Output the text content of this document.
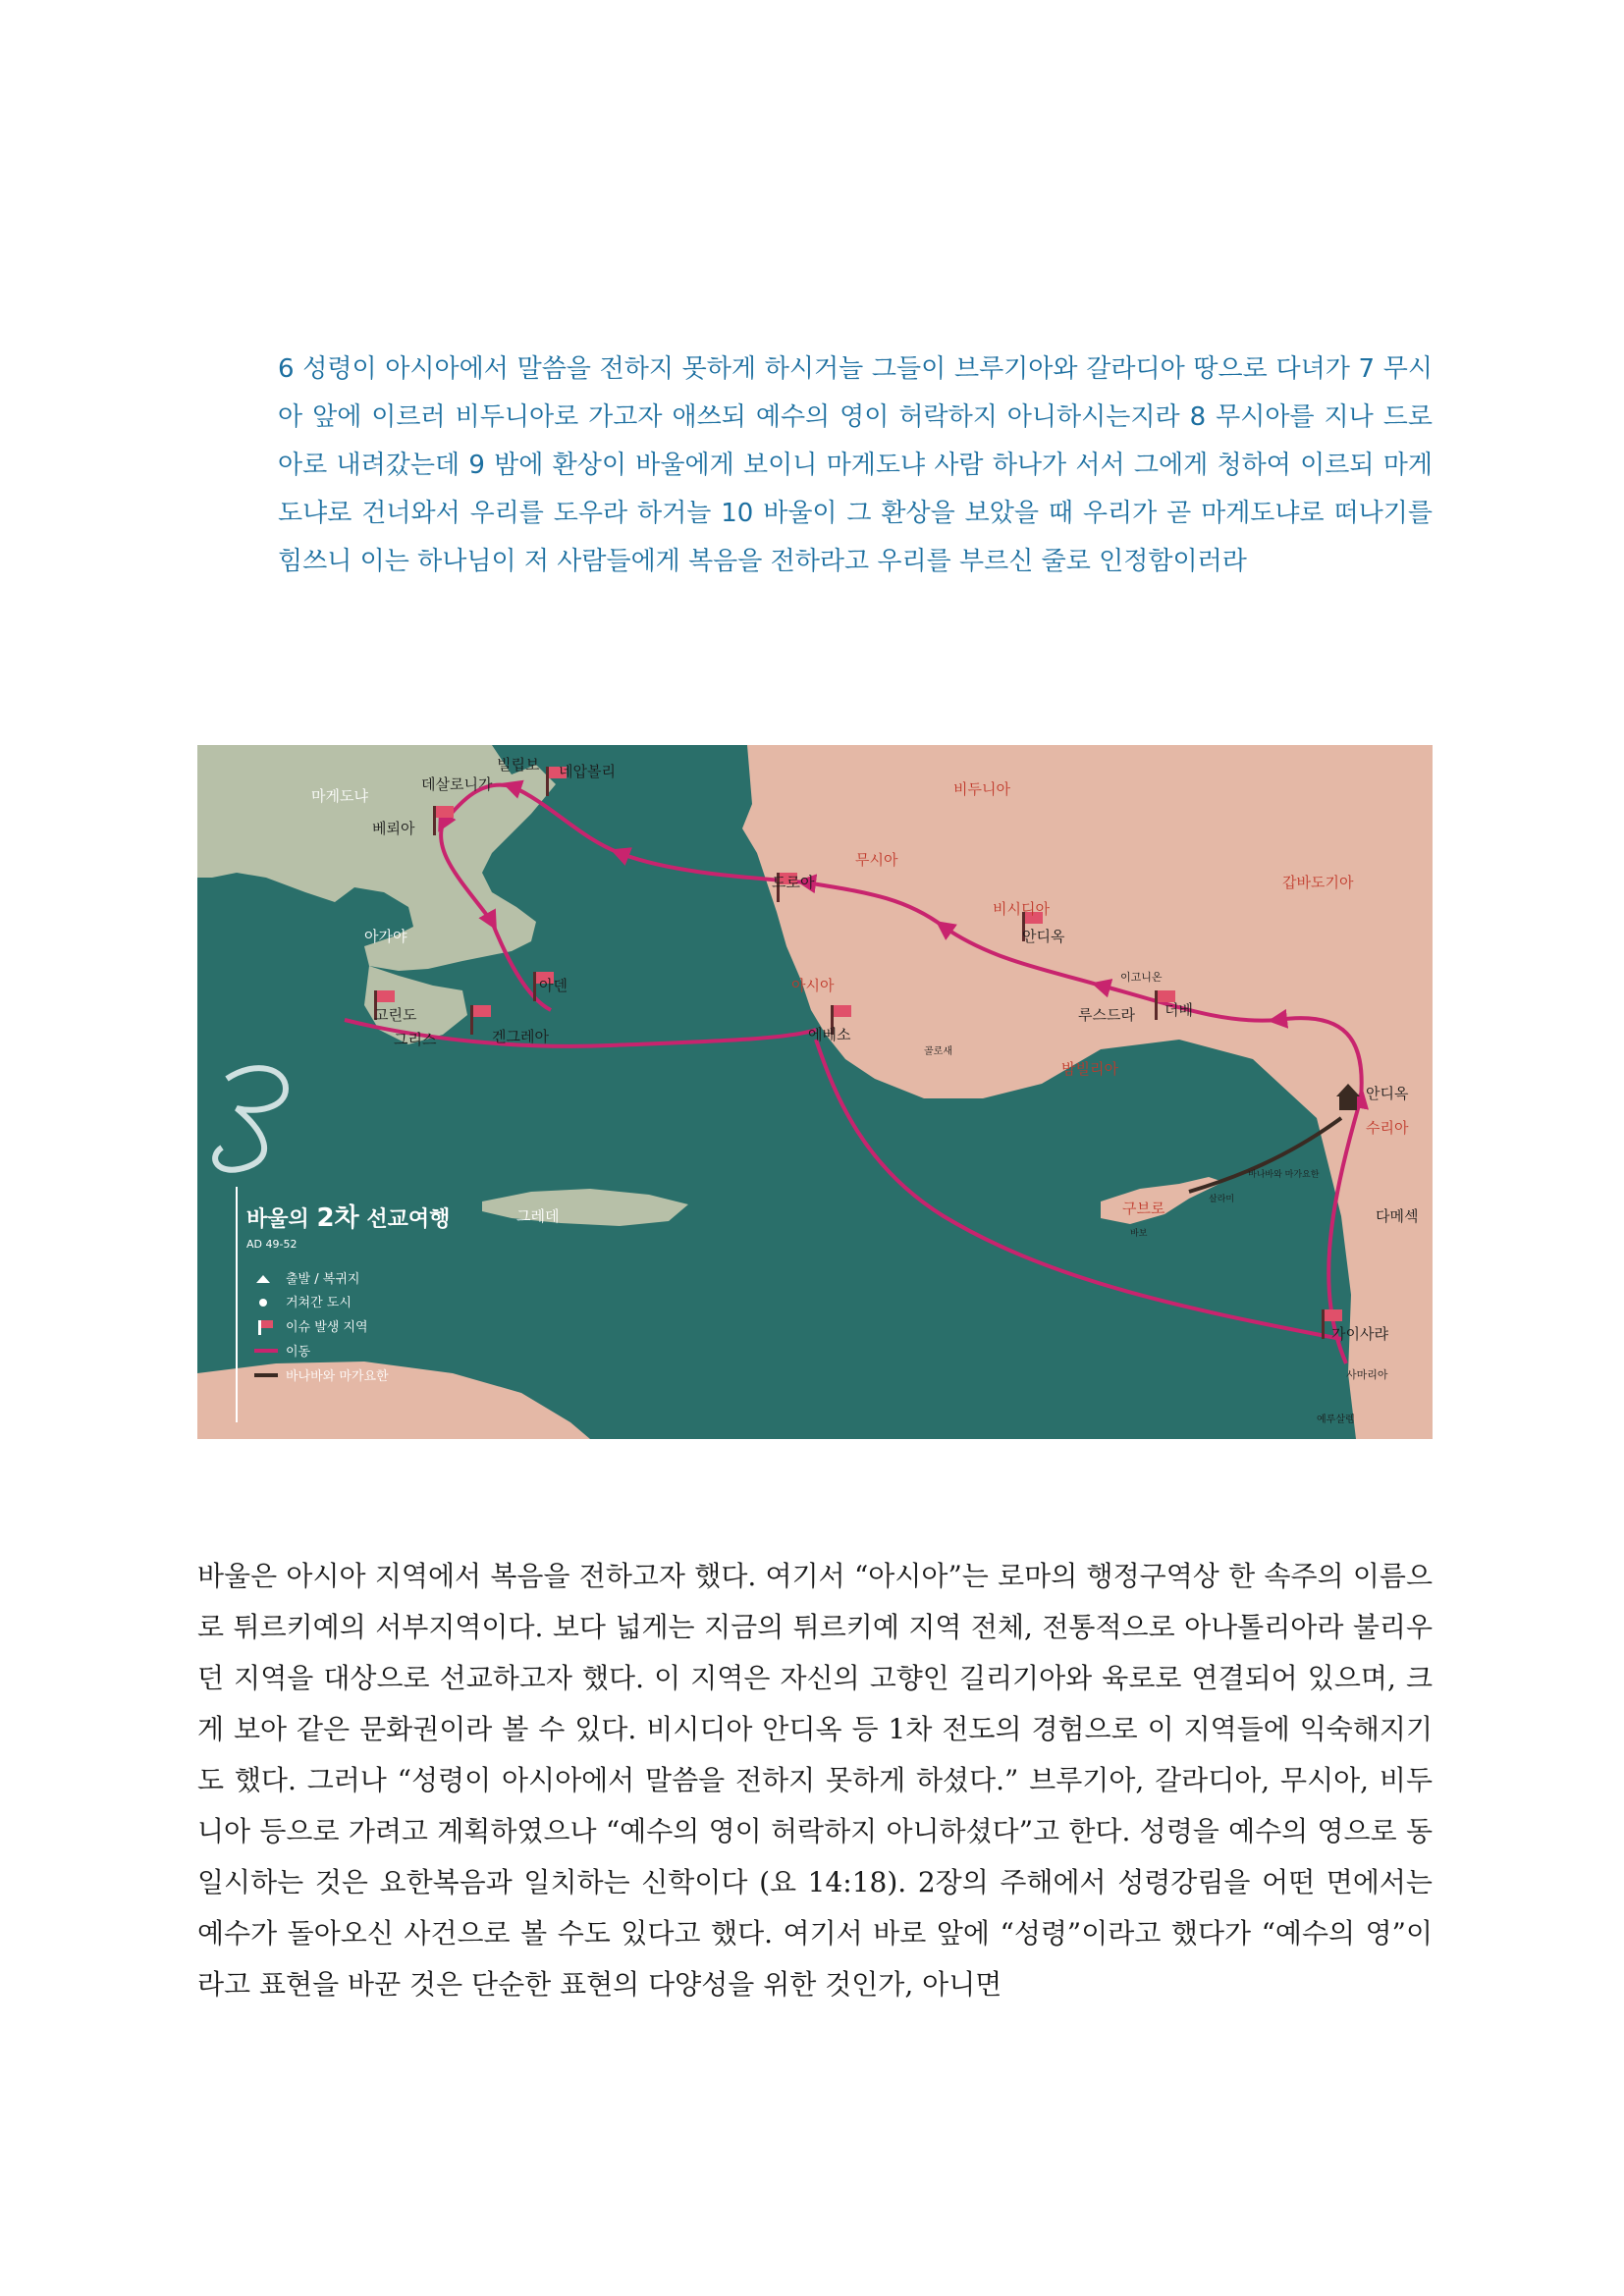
6 성령이 아시아에서 말씀을 전하지 못하게 하시거늘 그들이 브루기아와 갈라디아 땅으로 다녀가 7 무시아 앞에 이르러 비두니아로 가고자 애쓰되 예수의 영이 허락하지 아니하시는지라 8 무시아를 지나 드로아로 내려갔는데 9 밤에 환상이 바울에게 보이니 마게도냐 사람 하나가 서서 그에게 청하여 이르되 마게도냐로 건너와서 우리를 도우라 하거늘 10 바울이 그 환상을 보았을 때 우리가 곧 마게도냐로 떠나기를 힘쓰니 이는 하나님이 저 사람들에게 복음을 전하라고 우리를 부르신 줄로 인정함이러라

마게도냐
빌립보 네압볼리
데살로니가
베뢰아
아가야
아덴
고린도
그리스	겐그레아
비두니아
무시아
드로아
비시디아
안디옥
갑바도기아
아시아
에베소
골로새
이고니온
루스드라 더베
밤빌리아
안디옥
수리아
그레데	구브로	살라미
바보
바나바와 마가요한
다메섹
가이사랴
사마리아
예루살렘
바울의 2차 선교여행
AD 49-52
출발 / 복귀지
거쳐간 도시
이슈 발생 지역
이동
바나바와 마가요한

바울은 아시아 지역에서 복음을 전하고자 했다. 여기서 “아시아”는 로마의 행정구역상 한 속주의 이름으로 튀르키예의 서부지역이다. 보다 넓게는 지금의 튀르키예 지역 전체, 전통적으로 아나톨리아라 불리우던 지역을 대상으로 선교하고자 했다. 이 지역은 자신의 고향인 길리기아와 육로로 연결되어 있으며, 크게 보아 같은 문화권이라 볼 수 있다. 비시디아 안디옥 등 1차 전도의 경험으로 이 지역들에 익숙해지기도 했다. 그러나 “성령이 아시아에서 말씀을 전하지 못하게 하셨다.” 브루기아, 갈라디아, 무시아, 비두니아 등으로 가려고 계획하였으나 “예수의 영이 허락하지 아니하셨다”고 한다. 성령을 예수의 영으로 동일시하는 것은 요한복음과 일치하는 신학이다 (요 14:18). 2장의 주해에서 성령강림을 어떤 면에서는 예수가 돌아오신 사건으로 볼 수도 있다고 했다. 여기서 바로 앞에 “성령”이라고 했다가 “예수의 영”이라고 표현을 바꾼 것은 단순한 표현의 다양성을 위한 것인가, 아니면
